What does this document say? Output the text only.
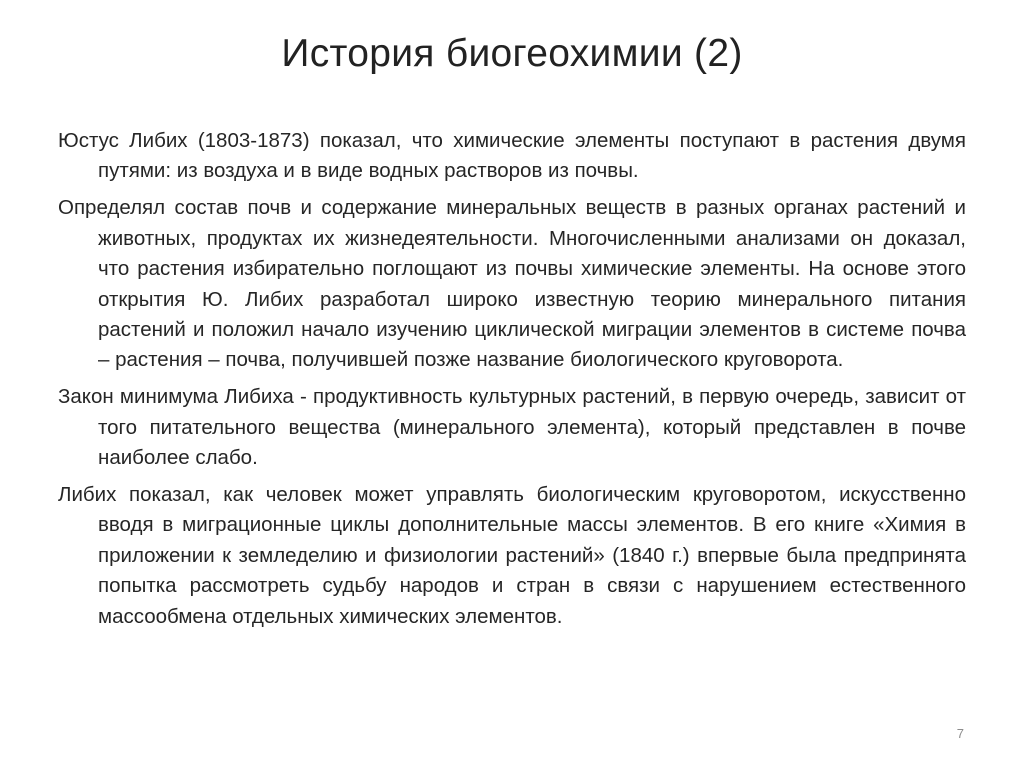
История биогеохимии (2)

Юстус Либих (1803-1873) показал, что химические элементы поступают в растения двумя путями: из воздуха и в виде водных растворов из почвы.

Определял состав почв и содержание минеральных веществ в разных органах растений и животных, продуктах их жизнедеятельности. Многочисленными анализами он доказал, что растения избирательно поглощают из почвы химические элементы. На основе этого открытия Ю. Либих разработал широко известную теорию минерального питания растений и положил начало изучению циклической миграции элементов в системе почва – растения – почва, получившей позже название биологического круговорота.

Закон минимума Либиха - продуктивность культурных растений, в первую очередь, зависит от того питательного вещества (минерального элемента), который представлен в почве наиболее слабо.

Либих показал, как человек может управлять биологическим круговоротом, искусственно вводя в миграционные циклы дополнительные массы элементов. В его книге «Химия в приложении к земледелию и физиологии растений» (1840 г.) впервые была предпринята попытка рассмотреть судьбу народов и стран в связи с нарушением естественного массообмена отдельных химических элементов.

7
